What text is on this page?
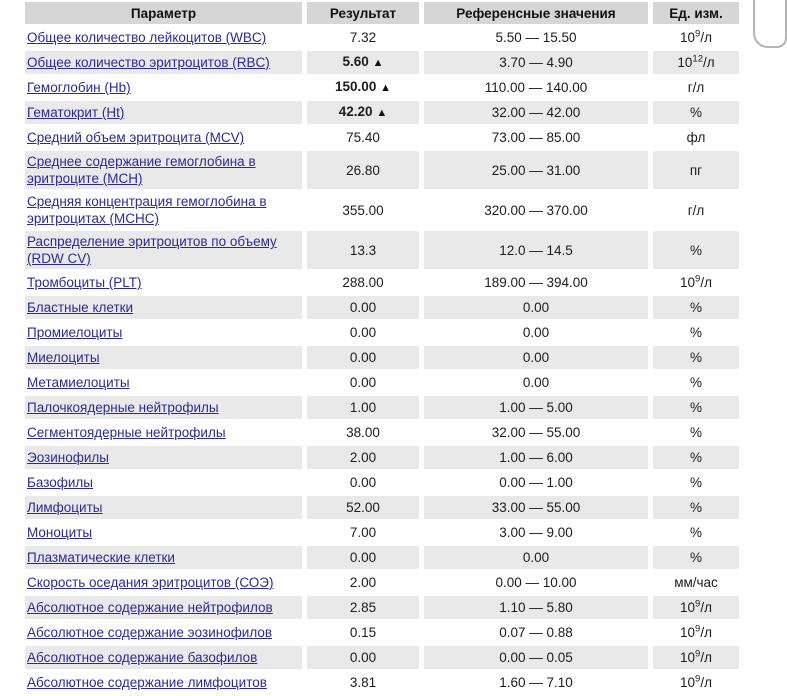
Параметр	Результат	Референсные значения	Ед. изм.
Общее количество лейкоцитов (WBC)	7.32	5.50 — 15.50	$10^9/л$
Общее количество эритроцитов (RBC)	5.60 ▲	3.70 — 4.90	$10^{12}/л$
Гемоглобин (Hb)	150.00 ▲	110.00 — 140.00	г/л
Гематокрит (Ht)	42.20 ▲	32.00 — 42.00	%
Средний объем эритроцита (MCV)	75.40	73.00 — 85.00	фл
Среднее содержание гемоглобина в эритроците (MCH)	26.80	25.00 — 31.00	пг
Средняя концентрация гемоглобина в эритроцитах (MCHC)	355.00	320.00 — 370.00	г/л
Распределение эритроцитов по объему (RDW CV)	13.3	12.0 — 14.5	%
Тромбоциты (PLT)	288.00	189.00 — 394.00	$10^9/л$
Бластные клетки	0.00	0.00	%
Промиелоциты	0.00	0.00	%
Миелоциты	0.00	0.00	%
Метамиелоциты	0.00	0.00	%
Палочкоядерные нейтрофилы	1.00	1.00 — 5.00	%
Сегментоядерные нейтрофилы	38.00	32.00 — 55.00	%
Эозинофилы	2.00	1.00 — 6.00	%
Базофилы	0.00	0.00 — 1.00	%
Лимфоциты	52.00	33.00 — 55.00	%
Моноциты	7.00	3.00 — 9.00	%
Плазматические клетки	0.00	0.00	%
Скорость оседания эритроцитов (СОЭ)	2.00	0.00 — 10.00	мм/час
Абсолютное содержание нейтрофилов	2.85	1.10 — 5.80	$10^9/л$
Абсолютное содержание эозинофилов	0.15	0.07 — 0.88	$10^9/л$
Абсолютное содержание базофилов	0.00	0.00 — 0.05	$10^9/л$
Абсолютное содержание лимфоцитов	3.81	1.60 — 7.10	$10^9/л$
